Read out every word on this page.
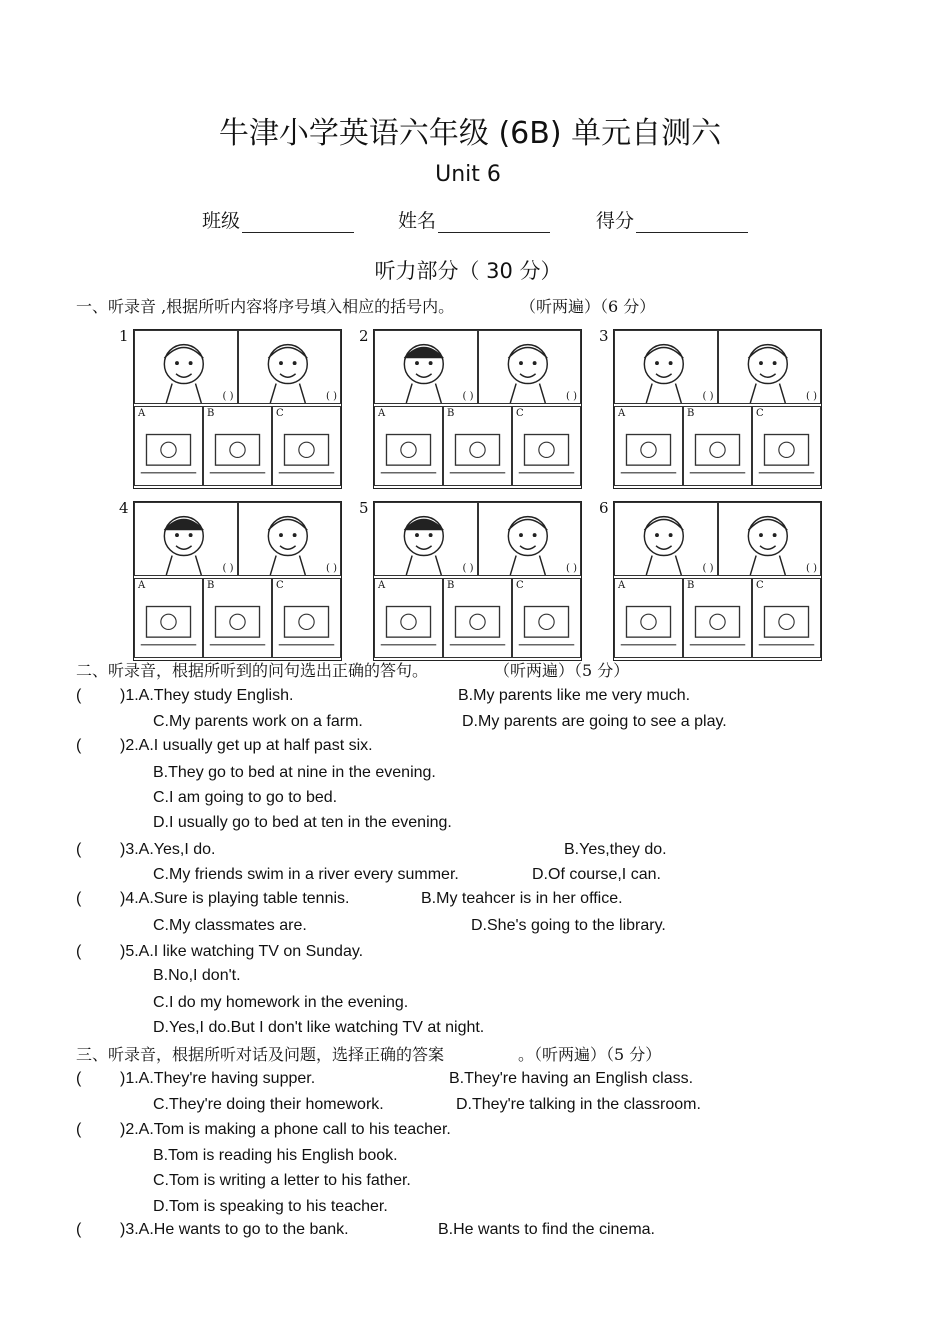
牛津小学英语六年级 (6B) 单元自测六
Unit 6
班级	姓名	得分
听力部分（ 30 分）
一、听录音 ,根据所听内容将序号填入相应的括号内。	（听两遍）（6 分）
1
( )	( )
A	B	C
2
( )	( )
A	B	C
3
( )	( )
A	B	C
4
( )	( )
A	B	C
5
( )	( )
A	B	C
6
( )	( )
A	B	C
二、听录音，根据所听到的问句选出正确的答句。	（听两遍）（5 分）
( )1.A.They study English.	B.My parents like me very much.
C.My parents work on a farm.	D.My parents are going to see a play.
( )2.A.I usually get up at half past six.
B.They go to bed at nine in the evening.
C.I am going to go to bed.
D.I usually go to bed at ten in the evening.
( )3.A.Yes,I do.	B.Yes,they do.
C.My friends swim in a river every summer.	D.Of course,I can.
( )4.A.Sure is playing table tennis.	B.My teahcer is in her office.
C.My classmates are.	D.She's going to the library.
( )5.A.I like watching TV on Sunday.
B.No,I don't.
C.I do my homework in the evening.
D.Yes,I do.But I don't like watching TV at night.
三、听录音，根据所听对话及问题，选择正确的答案	。（听两遍）（5 分）
( )1.A.They're having supper.	B.They're having an English class.
C.They're doing their homework.	D.They're talking in the classroom.
( )2.A.Tom is making a phone call to his teacher.
B.Tom is reading his English book.
C.Tom is writing a letter to his father.
D.Tom is speaking to his teacher.
( )3.A.He wants to go to the bank.	B.He wants to find the cinema.
